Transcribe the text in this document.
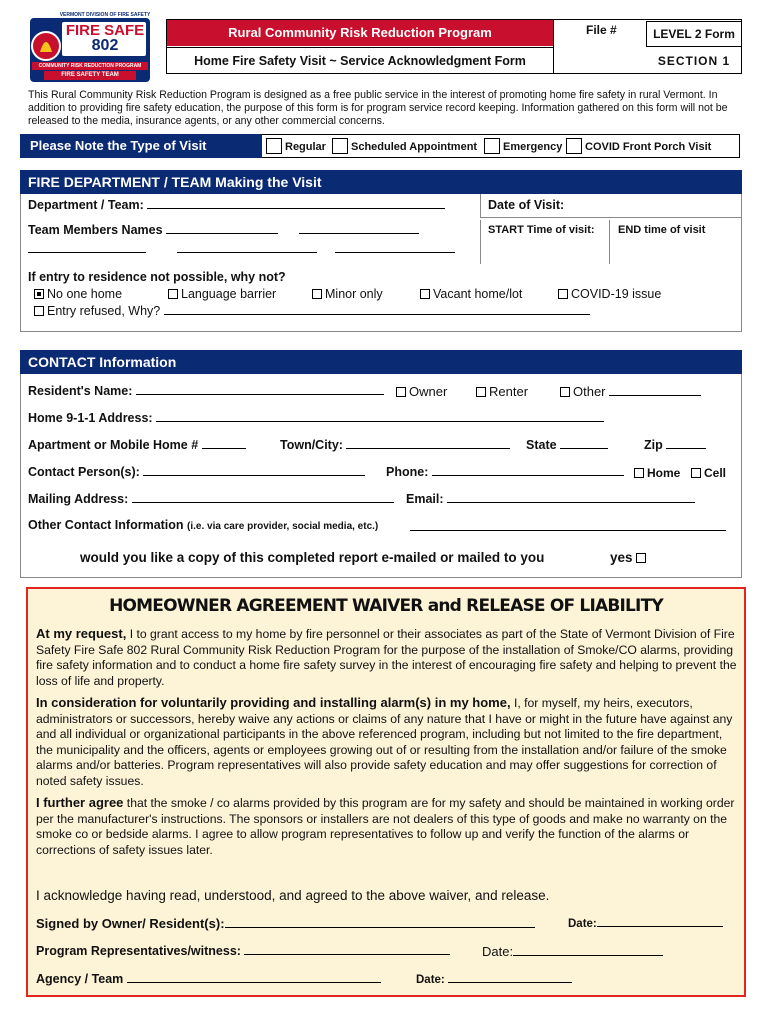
VERMONT DIVISION OF FIRE SAFETY
FIRE SAFE
802
COMMUNITY RISK REDUCTION PROGRAM
FIRE SAFETY TEAM
Rural Community Risk Reduction Program
Home Fire Safety Visit ~ Service Acknowledgment Form
File #	LEVEL 2 Form
SECTION 1
This Rural Community Risk Reduction Program is designed as a free public service in the interest of promoting home fire safety in rural Vermont. In addition to providing fire safety education, the purpose of this form is for program service record keeping. Information gathered on this form will not be released to the media, insurance agents, or any other commercial concerns.
Please Note the Type of Visit	Regular	Scheduled Appointment	Emergency	COVID Front Porch Visit
FIRE DEPARTMENT / TEAM Making the Visit
Department / Team:	Date of Visit:
Team Members Names
	START Time of visit: END time of visit
If entry to residence not possible, why not?
No one home	Language barrier	Minor only	Vacant home/lot	COVID-19 issue
Entry refused, Why?
CONTACT Information
Resident's Name:	Owner	Renter	Other
Home 9-1-1 Address:
Apartment or Mobile Home #	Town/City:	State	Zip
Contact Person(s):	Phone:	Home	Cell
Mailing Address:	Email:
Other Contact Information (i.e. via care provider, social media, etc.)
would you like a copy of this completed report e-mailed or mailed to you	yes
HOMEOWNER AGREEMENT WAIVER and RELEASE OF LIABILITY

At my request, I to grant access to my home by fire personnel or their associates as part of the State of Vermont Division of Fire Safety Fire Safe 802 Rural Community Risk Reduction Program for the purpose of the installation of Smoke/CO alarms, providing fire safety information and to conduct a home fire safety survey in the interest of encouraging fire safety and helping to prevent the loss of life and property.

In consideration for voluntarily providing and installing alarm(s) in my home, I, for myself, my heirs, executors, administrators or successors, hereby waive any actions or claims of any nature that I have or might in the future have against any and all individual or organizational participants in the above referenced program, including but not limited to the fire department, the municipality and the officers, agents or employees growing out of or resulting from the installation and/or failure of the smoke alarms and/or batteries. Program representatives will also provide safety education and may offer suggestions for correction of noted safety issues.

I further agree that the smoke / co alarms provided by this program are for my safety and should be maintained in working order per the manufacturer's instructions. The sponsors or installers are not dealers of this type of goods and make no warranty on the smoke co or bedside alarms. I agree to allow program representatives to follow up and verify the function of the alarms or corrections of safety issues later.

I acknowledge having read, understood, and agreed to the above waiver, and release.
Signed by Owner/ Resident(s):	Date:
Program Representatives/witness:	Date:
Agency / Team	Date:
